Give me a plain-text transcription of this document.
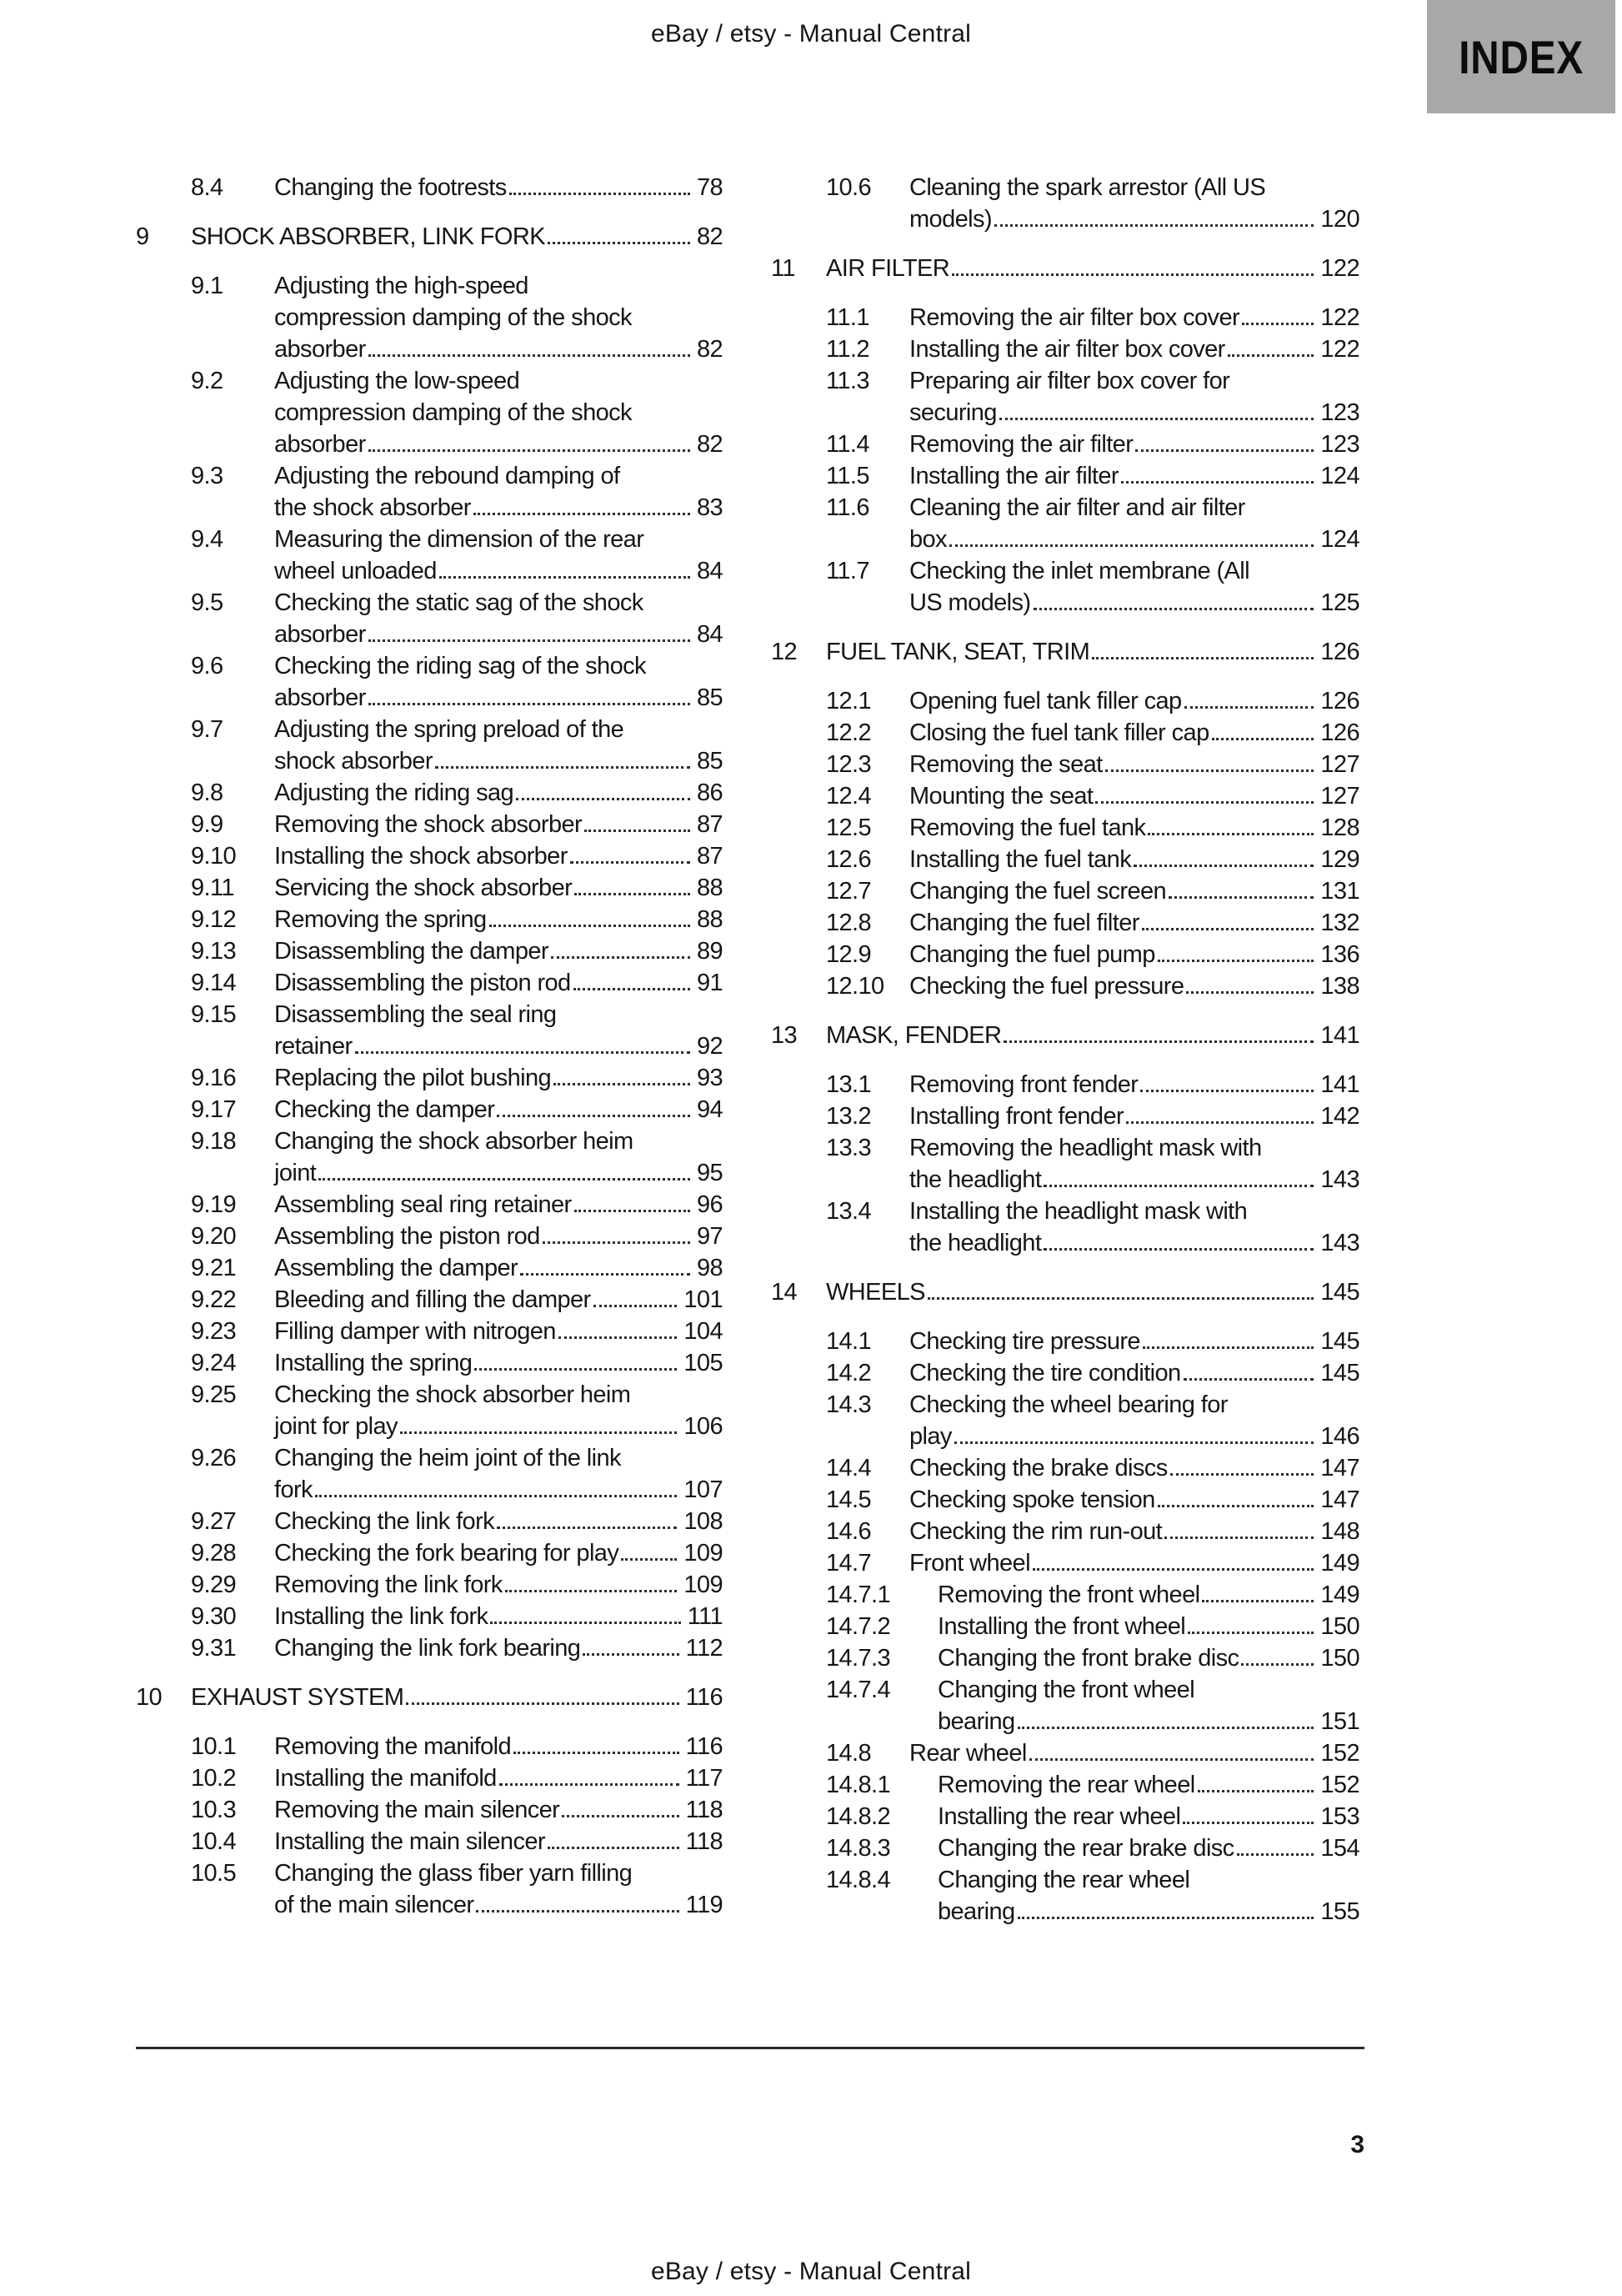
eBay / etsy - Manual Central	INDEX
8.4 Changing the footrests	78
9 SHOCK ABSORBER, LINK FORK	82
9.1 Adjusting the high-speed
compression damping of the shock
absorber	82
9.2 Adjusting the low-speed
compression damping of the shock
absorber	82
9.3 Adjusting the rebound damping of
the shock absorber	83
9.4 Measuring the dimension of the rear
wheel unloaded	84
9.5 Checking the static sag of the shock
absorber	84
9.6 Checking the riding sag of the shock
absorber	85
9.7 Adjusting the spring preload of the
shock absorber	85
9.8 Adjusting the riding sag	86
9.9 Removing the shock absorber	87
9.10 Installing the shock absorber	87
9.11 Servicing the shock absorber	88
9.12 Removing the spring	88
9.13 Disassembling the damper	89
9.14 Disassembling the piston rod	91
9.15 Disassembling the seal ring
retainer	92
9.16 Replacing the pilot bushing	93
9.17 Checking the damper	94
9.18 Changing the shock absorber heim
joint	95
9.19 Assembling seal ring retainer	96
9.20 Assembling the piston rod	97
9.21 Assembling the damper	98
9.22 Bleeding and filling the damper	101
9.23 Filling damper with nitrogen	104
9.24 Installing the spring	105
9.25 Checking the shock absorber heim
joint for play	106
9.26 Changing the heim joint of the link
fork	107
9.27 Checking the link fork	108
9.28 Checking the fork bearing for play	109
9.29 Removing the link fork	109
9.30 Installing the link fork	111
9.31 Changing the link fork bearing	112
10 EXHAUST SYSTEM	116
10.1 Removing the manifold	116
10.2 Installing the manifold	117
10.3 Removing the main silencer	118
10.4 Installing the main silencer	118
10.5 Changing the glass fiber yarn filling
of the main silencer	119
10.6 Cleaning the spark arrestor (All US
models)	120
11 AIR FILTER	122
11.1 Removing the air filter box cover	122
11.2 Installing the air filter box cover	122
11.3 Preparing air filter box cover for
securing	123
11.4 Removing the air filter	123
11.5 Installing the air filter	124
11.6 Cleaning the air filter and air filter
box	124
11.7 Checking the inlet membrane (All
US models)	125
12 FUEL TANK, SEAT, TRIM	126
12.1 Opening fuel tank filler cap	126
12.2 Closing the fuel tank filler cap	126
12.3 Removing the seat	127
12.4 Mounting the seat	127
12.5 Removing the fuel tank	128
12.6 Installing the fuel tank	129
12.7 Changing the fuel screen	131
12.8 Changing the fuel filter	132
12.9 Changing the fuel pump	136
12.10 Checking the fuel pressure	138
13 MASK, FENDER	141
13.1 Removing front fender	141
13.2 Installing front fender	142
13.3 Removing the headlight mask with
the headlight	143
13.4 Installing the headlight mask with
the headlight	143
14 WHEELS	145
14.1 Checking tire pressure	145
14.2 Checking the tire condition	145
14.3 Checking the wheel bearing for
play	146
14.4 Checking the brake discs	147
14.5 Checking spoke tension	147
14.6 Checking the rim run-out	148
14.7 Front wheel	149
14.7.1 Removing the front wheel	149
14.7.2 Installing the front wheel	150
14.7.3 Changing the front brake disc	150
14.7.4 Changing the front wheel
bearing	151
14.8 Rear wheel	152
14.8.1 Removing the rear wheel	152
14.8.2 Installing the rear wheel	153
14.8.3 Changing the rear brake disc	154
14.8.4 Changing the rear wheel
bearing	155
3
eBay / etsy - Manual Central
